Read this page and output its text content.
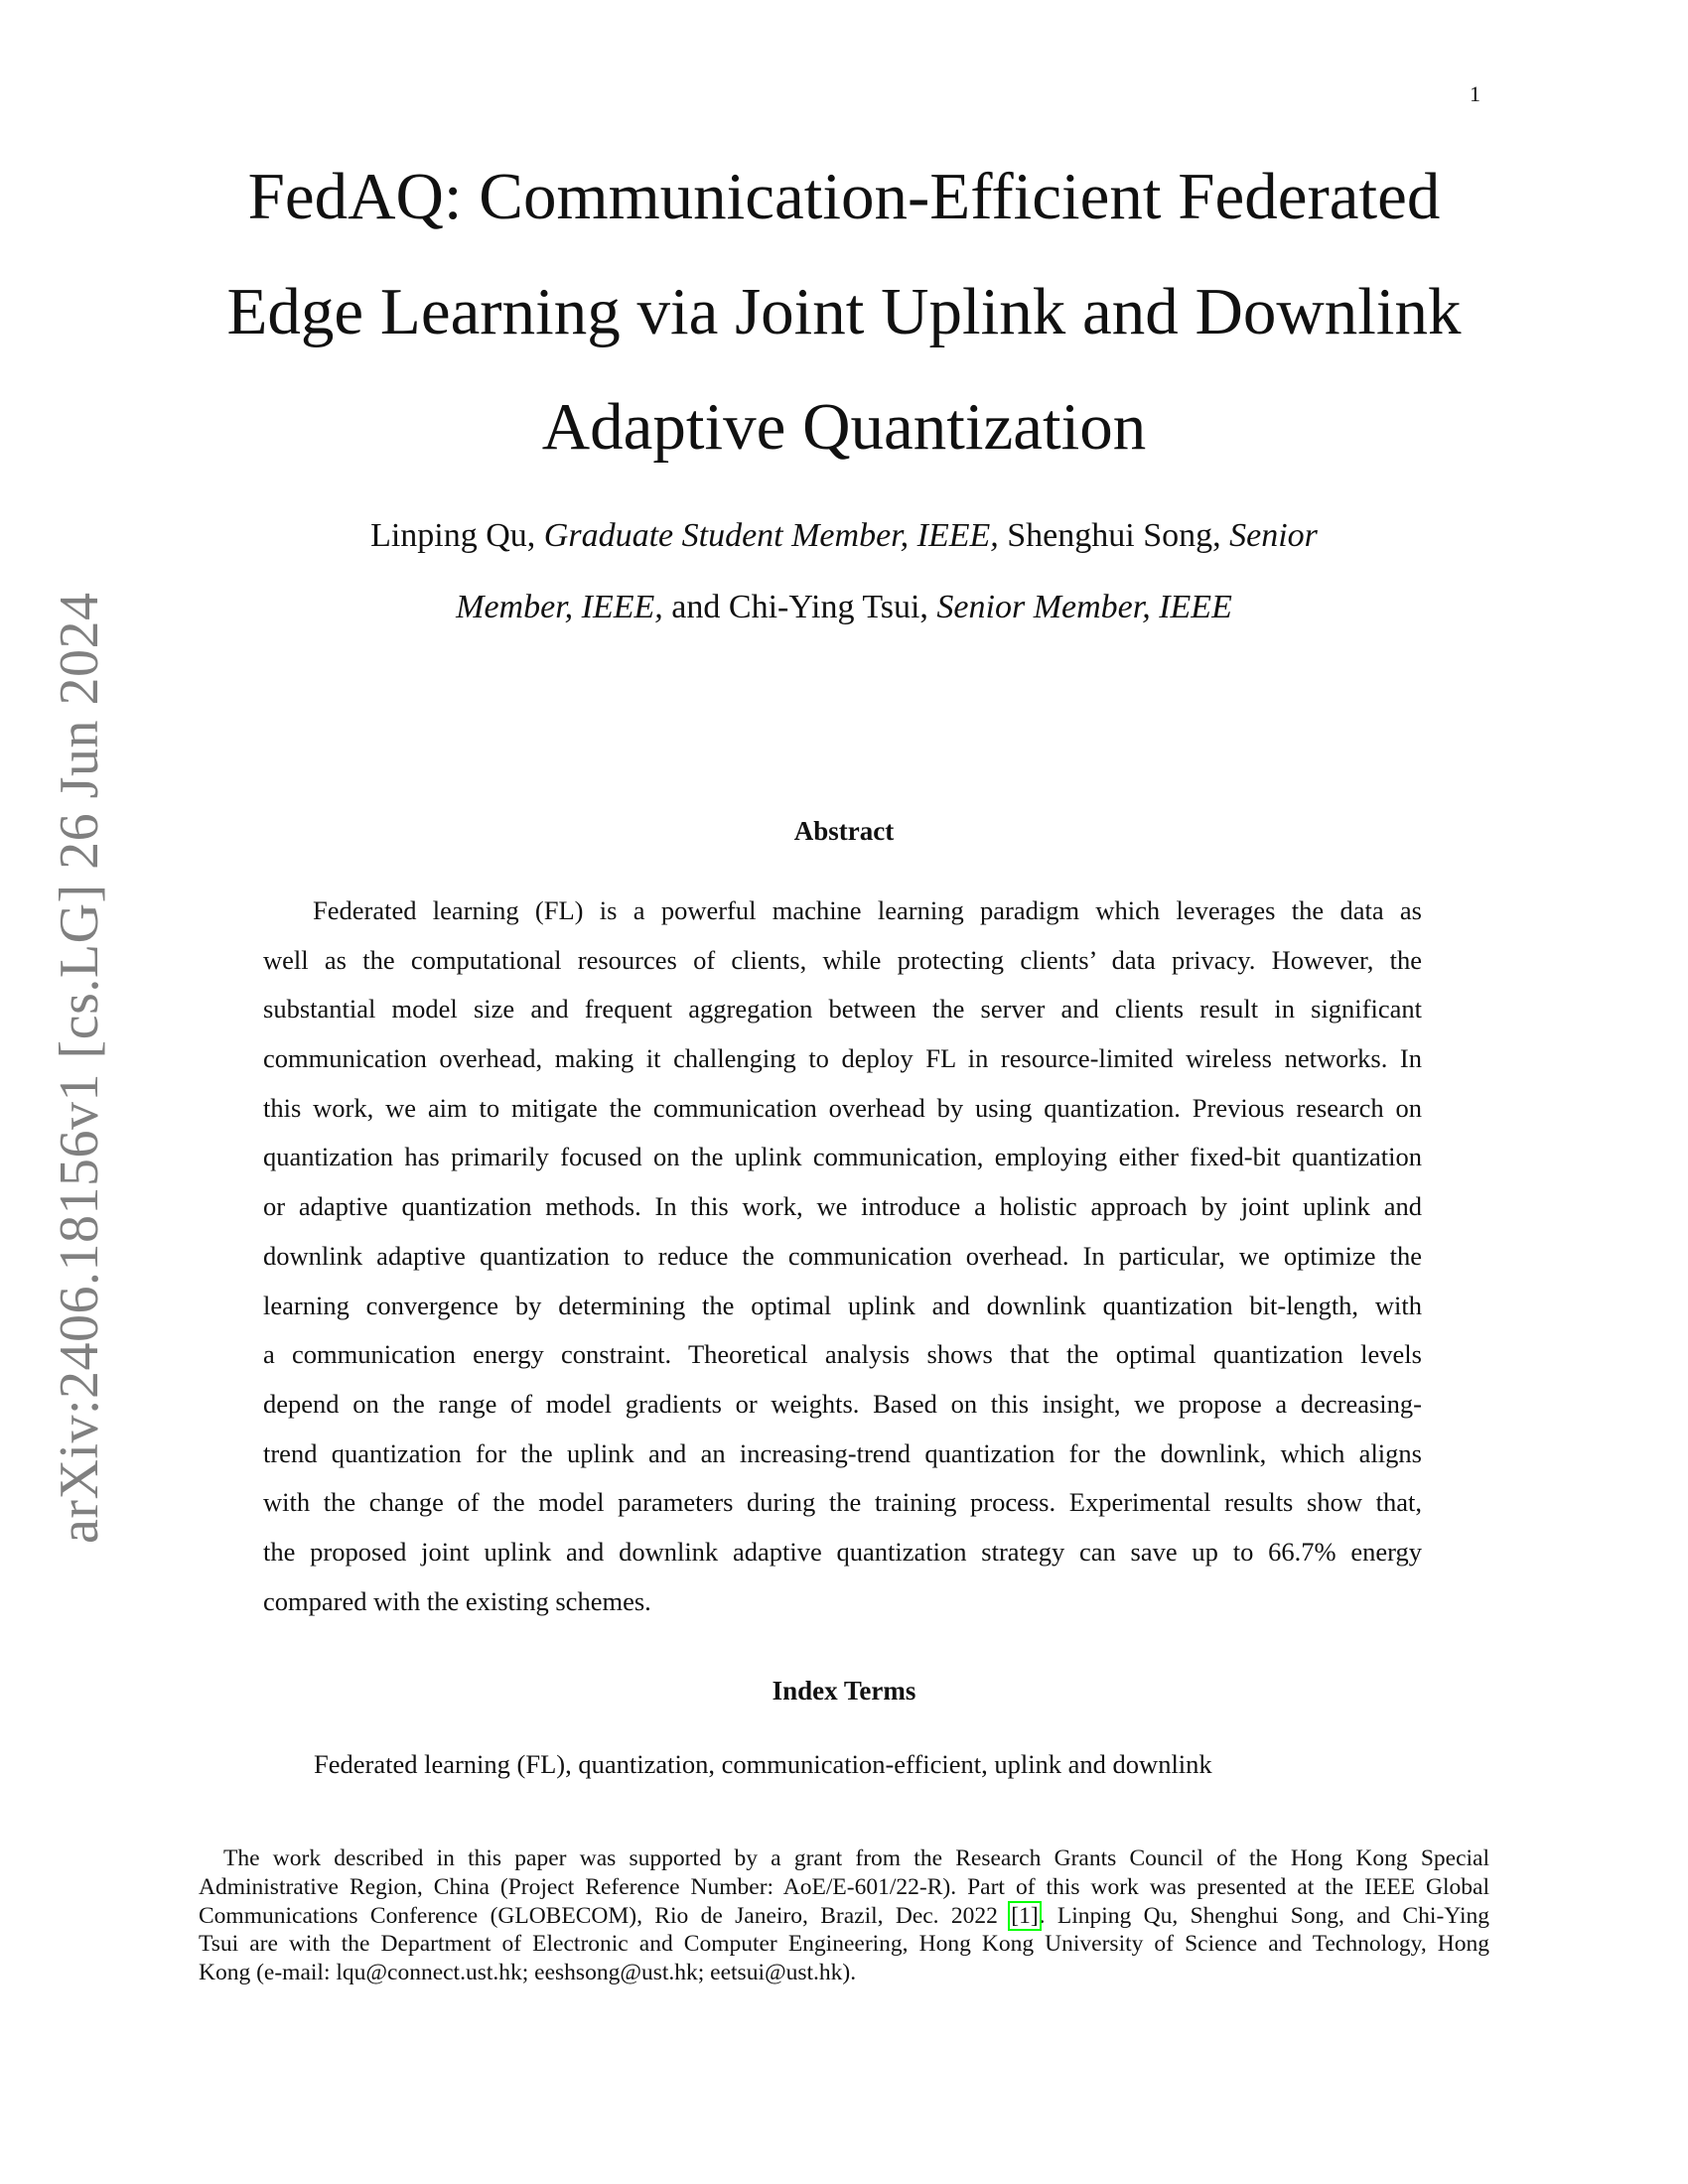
1
arXiv:2406.18156v1 [cs.LG] 26 Jun 2024
FedAQ: Communication-Efficient Federated
Edge Learning via Joint Uplink and Downlink
Adaptive Quantization
Linping Qu, Graduate Student Member, IEEE, Shenghui Song, Senior
Member, IEEE, and Chi-Ying Tsui, Senior Member, IEEE
Abstract
Federated learning (FL) is a powerful machine learning paradigm which leverages the data as
well as the computational resources of clients, while protecting clients’ data privacy. However, the
substantial model size and frequent aggregation between the server and clients result in significant
communication overhead, making it challenging to deploy FL in resource-limited wireless networks. In
this work, we aim to mitigate the communication overhead by using quantization. Previous research on
quantization has primarily focused on the uplink communication, employing either fixed-bit quantization
or adaptive quantization methods. In this work, we introduce a holistic approach by joint uplink and
downlink adaptive quantization to reduce the communication overhead. In particular, we optimize the
learning convergence by determining the optimal uplink and downlink quantization bit-length, with
a communication energy constraint. Theoretical analysis shows that the optimal quantization levels
depend on the range of model gradients or weights. Based on this insight, we propose a decreasing-
trend quantization for the uplink and an increasing-trend quantization for the downlink, which aligns
with the change of the model parameters during the training process. Experimental results show that,
the proposed joint uplink and downlink adaptive quantization strategy can save up to 66.7% energy
compared with the existing schemes.
Index Terms
Federated learning (FL), quantization, communication-efficient, uplink and downlink
The work described in this paper was supported by a grant from the Research Grants Council of the Hong Kong Special
Administrative Region, China (Project Reference Number: AoE/E-601/22-R). Part of this work was presented at the IEEE Global
Communications Conference (GLOBECOM), Rio de Janeiro, Brazil, Dec. 2022 [1]. Linping Qu, Shenghui Song, and Chi-Ying
Tsui are with the Department of Electronic and Computer Engineering, Hong Kong University of Science and Technology, Hong
Kong (e-mail: lqu@connect.ust.hk; eeshsong@ust.hk; eetsui@ust.hk).
